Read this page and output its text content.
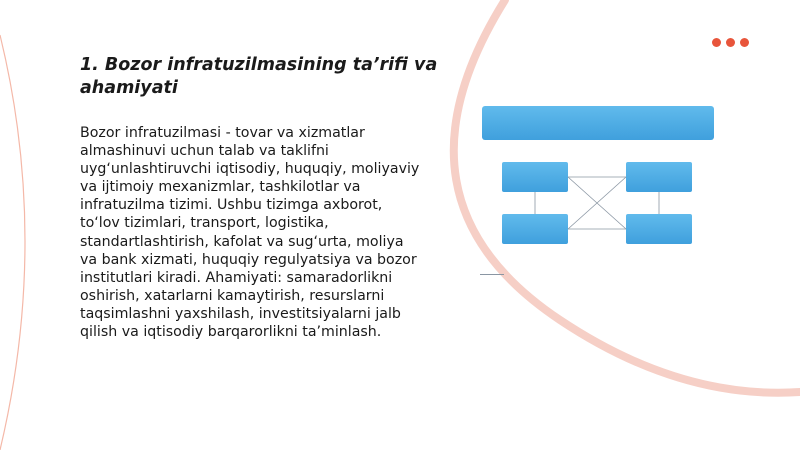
1. Bozor infratuzilmasining ta’rifi va ahamiyati

Bozor infratuzilmasi - tovar va xizmatlar almashinuvi uchun talab va taklifni uyg‘unlashtiruvchi iqtisodiy, huquqiy, moliyaviy va ijtimoiy mexanizmlar, tashkilotlar va infratuzilma tizimi. Ushbu tizimga axborot, to‘lov tizimlari, transport, logistika, standartlashtirish, kafolat va sug‘urta, moliya va bank xizmati, huquqiy regulyatsiya va bozor institutlari kiradi. Ahamiyati: samaradorlikni oshirish, xatarlarni kamaytirish, resurslarni taqsimlashni yaxshilash, investitsiyalarni jalb qilish va iqtisodiy barqarorlikni ta’minlash.
